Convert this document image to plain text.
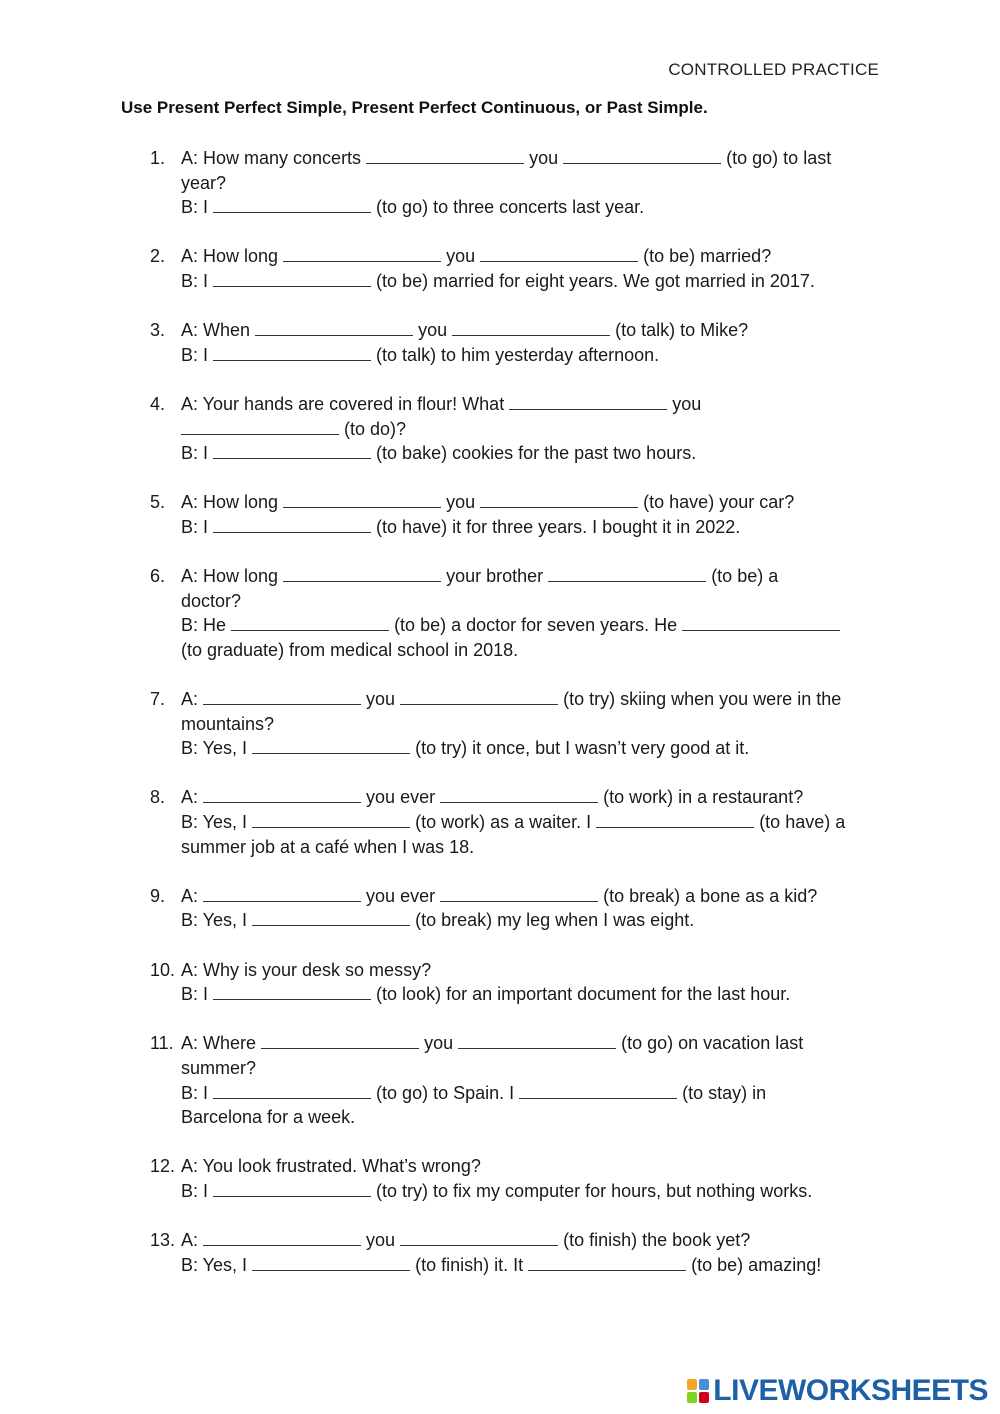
CONTROLLED PRACTICE
Use Present Perfect Simple, Present Perfect Continuous, or Past Simple.
1. A: How many concerts	you	(to go) to last
year?
B: I	(to go) to three concerts last year.
2. A: How long	you	(to be) married?
B: I	(to be) married for eight years. We got married in 2017.
3. A: When	you	(to talk) to Mike?
B: I	(to talk) to him yesterday afternoon.
4. A: Your hands are covered in flour! What	you
(to do)?
B: I	(to bake) cookies for the past two hours.
5. A: How long	you	(to have) your car?
B: I	(to have) it for three years. I bought it in 2022.
6. A: How long	your brother	(to be) a
doctor?
B: He	(to be) a doctor for seven years. He
(to graduate) from medical school in 2018.
7. A:	you	(to try) skiing when you were in the
mountains?
B: Yes, I	(to try) it once, but I wasn’t very good at it.
8. A:	you ever	(to work) in a restaurant?
B: Yes, I	(to work) as a waiter. I	(to have) a
summer job at a café when I was 18.
9. A:	you ever	(to break) a bone as a kid?
B: Yes, I	(to break) my leg when I was eight.
10. A: Why is your desk so messy?
B: I	(to look) for an important document for the last hour.
11. A: Where	you	(to go) on vacation last
summer?
B: I	(to go) to Spain. I	(to stay) in
Barcelona for a week.
12. A: You look frustrated. What’s wrong?
B: I	(to try) to fix my computer for hours, but nothing works.
13. A:	you	(to finish) the book yet?
B: Yes, I	(to finish) it. It	(to be) amazing!
LIVEWORKSHEETS
